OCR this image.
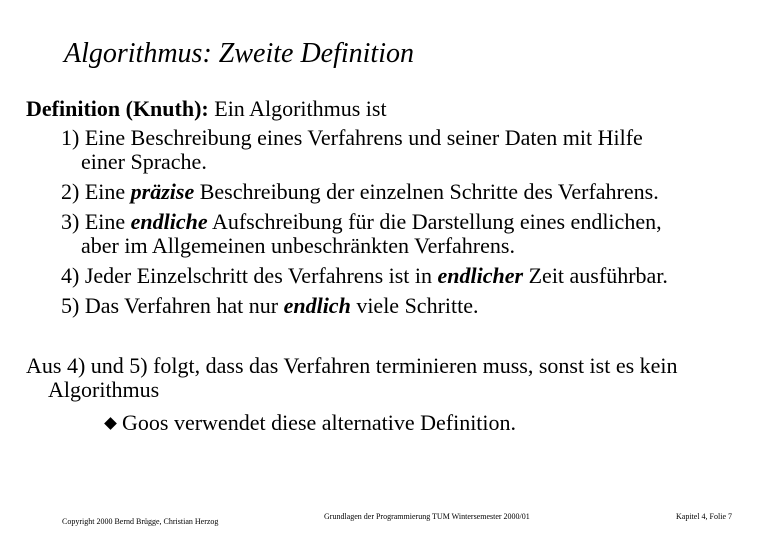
Algorithmus: Zweite Definition
Definition (Knuth): Ein Algorithmus ist
1) Eine Beschreibung eines Verfahrens und seiner Daten mit Hilfe
einer Sprache.
2) Eine präzise Beschreibung der einzelnen Schritte des Verfahrens.
3) Eine endliche Aufschreibung für die Darstellung eines endlichen,
aber im Allgemeinen unbeschränkten Verfahrens.
4) Jeder Einzelschritt des Verfahrens ist in endlicher Zeit ausführbar.
5) Das Verfahren hat nur endlich viele Schritte.
Aus 4) und 5) folgt, dass das Verfahren terminieren muss, sonst ist es kein
Algorithmus
Goos verwendet diese alternative Definition.
Copyright 2000 Bernd Brügge, Christian Herzog
Grundlagen der Programmierung TUM Wintersemester 2000/01	Kapitel 4, Folie 7
